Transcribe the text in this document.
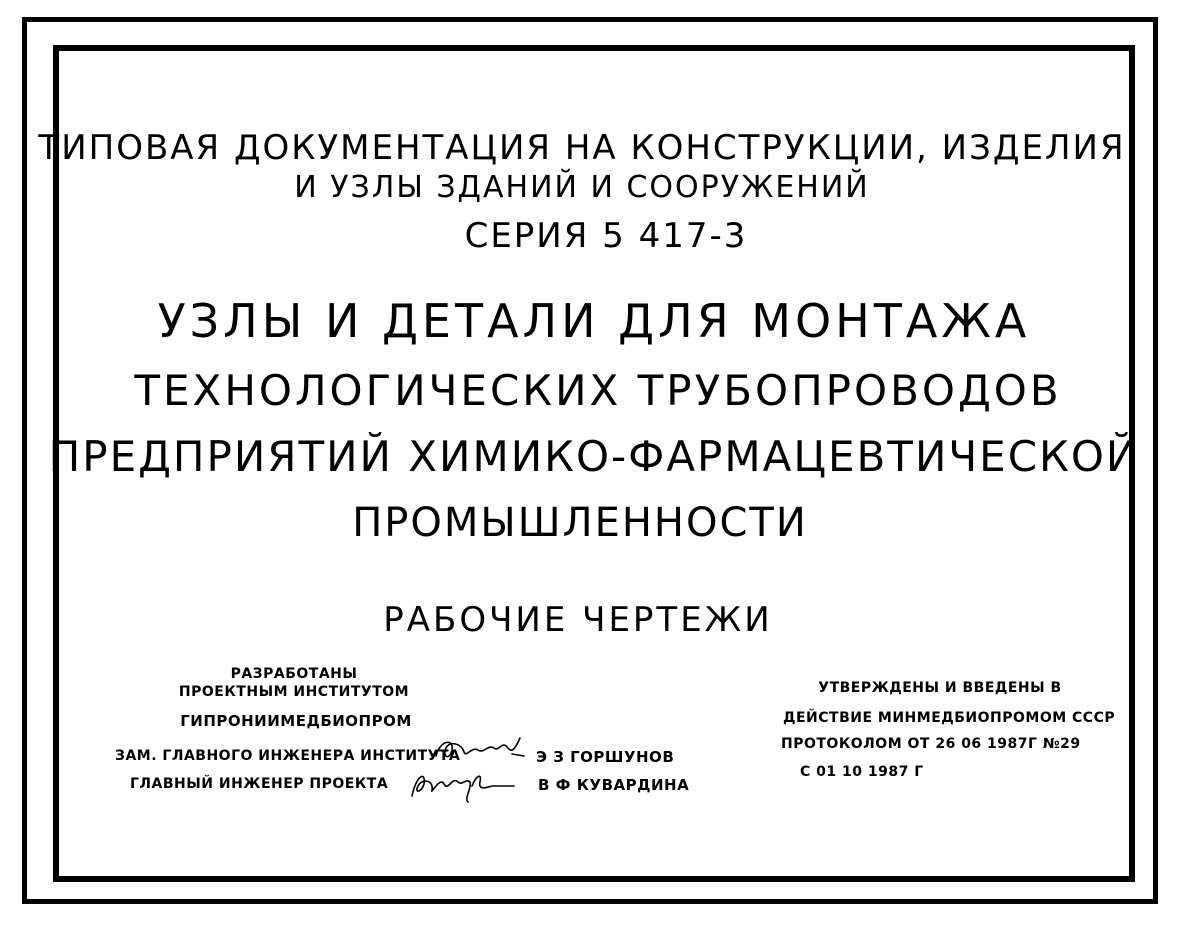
ТИПОВАЯ ДОКУМЕНТАЦИЯ НА КОНСТРУКЦИИ, ИЗДЕЛИЯ
И УЗЛЫ ЗДАНИЙ И СООРУЖЕНИЙ
СЕРИЯ 5 417-3
УЗЛЫ И ДЕТАЛИ ДЛЯ МОНТАЖА
ТЕХНОЛОГИЧЕСКИХ ТРУБОПРОВОДОВ
ПРЕДПРИЯТИЙ ХИМИКО-ФАРМАЦЕВТИЧЕСКОЙ
ПРОМЫШЛЕННОСТИ
РАБОЧИЕ ЧЕРТЕЖИ
РАЗРАБОТАНЫ
ПРОЕКТНЫМ ИНСТИТУТОМ
ГИПРОНИИМЕДБИОПРОМ
ЗАМ. ГЛАВНОГО ИНЖЕНЕРА ИНСТИТУТА
ГЛАВНЫЙ ИНЖЕНЕР ПРОЕКТА
Э З ГОРШУНОВ
В Ф КУВАРДИНА
УТВЕРЖДЕНЫ И ВВЕДЕНЫ В
ДЕЙСТВИЕ МИНМЕДБИОПРОМОМ СССР
ПРОТОКОЛОМ ОТ 26 06 1987Г №29
С 01 10 1987 Г
